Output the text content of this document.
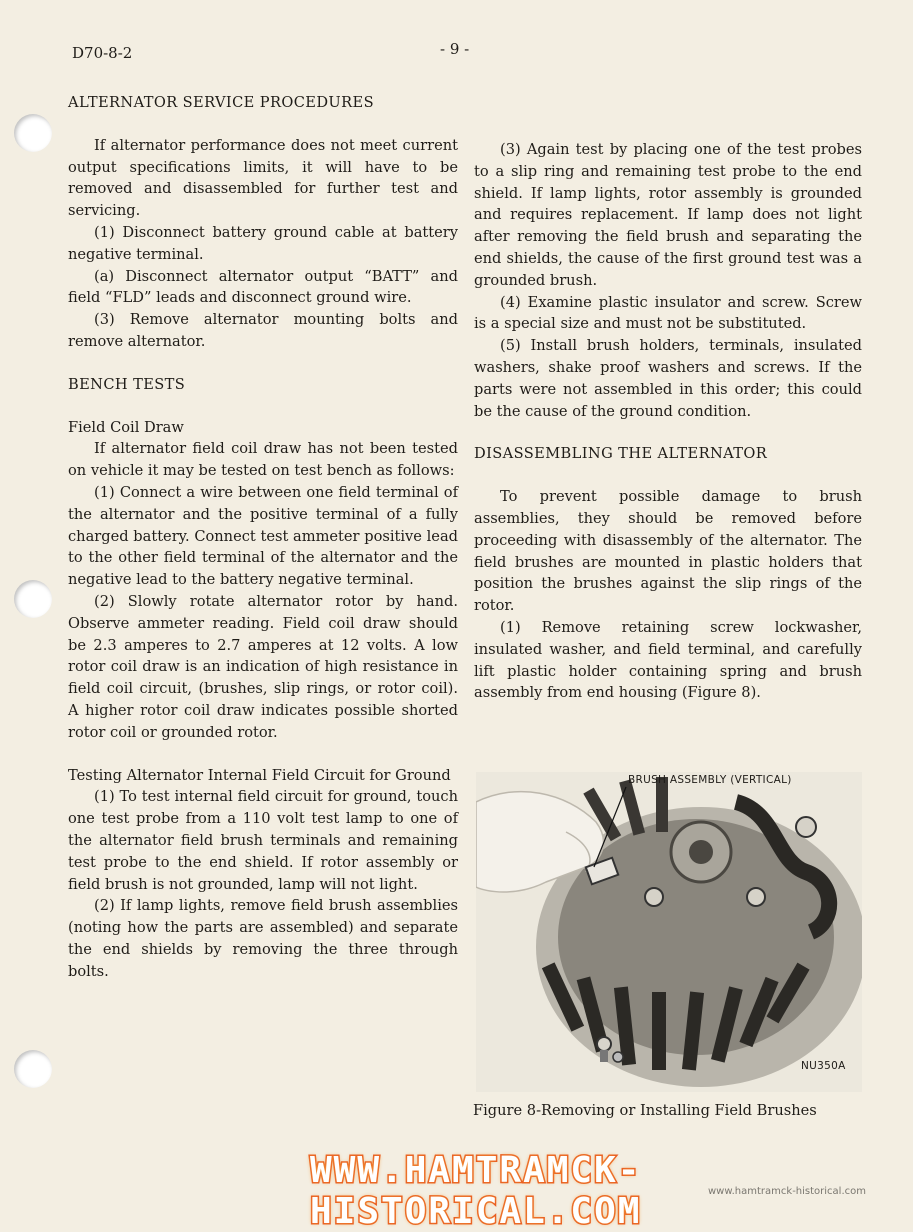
D70-8-2	- 9 -

ALTERNATOR SERVICE PROCEDURES

If alternator performance does not meet current output specifications limits, it will have to be removed and disassembled for further test and servicing.

(1) Disconnect battery ground cable at battery negative terminal.

(a) Disconnect alternator output “BATT” and field “FLD” leads and disconnect ground wire.

(3) Remove alternator mounting bolts and remove alternator.

BENCH TESTS

Field Coil Draw

If alternator field coil draw has not been tested on vehicle it may be tested on test bench as follows:

(1) Connect a wire between one field terminal of the alternator and the positive terminal of a fully charged battery. Connect test ammeter positive lead to the other field terminal of the alternator and the negative lead to the battery negative terminal.

(2) Slowly rotate alternator rotor by hand. Observe ammeter reading. Field coil draw should be 2.3 amperes to 2.7 amperes at 12 volts. A low rotor coil draw is an indication of high resistance in field coil circuit, (brushes, slip rings, or rotor coil). A higher rotor coil draw indicates possible shorted rotor coil or grounded rotor.

Testing Alternator Internal Field Circuit for Ground

(1) To test internal field circuit for ground, touch one test probe from a 110 volt test lamp to one of the alternator field brush terminals and remaining test probe to the end shield. If rotor assembly or field brush is not grounded, lamp will not light.

(2) If lamp lights, remove field brush assemblies (noting how the parts are assembled) and separate the end shields by removing the three through bolts.

(3) Again test by placing one of the test probes to a slip ring and remaining test probe to the end shield. If lamp lights, rotor assembly is grounded and requires replacement. If lamp does not light after removing the field brush and separating the end shields, the cause of the first ground test was a grounded brush.

(4) Examine plastic insulator and screw. Screw is a special size and must not be substituted.

(5) Install brush holders, terminals, insulated washers, shake proof washers and screws. If the parts were not assembled in this order; this could be the cause of the ground condition.

DISASSEMBLING THE ALTERNATOR

To prevent possible damage to brush assemblies, they should be removed before proceeding with disassembly of the alternator. The field brushes are mounted in plastic holders that position the brushes against the slip rings of the rotor.

(1) Remove retaining screw lockwasher, insulated washer, and field terminal, and carefully lift plastic holder containing spring and brush assembly from end housing (Figure 8).

BRUSH ASSEMBLY (VERTICAL)
NU350A
Figure 8-Removing or Installing Field Brushes
WWW.HAMTRAMCK-HISTORICAL.COM	www.hamtramck-historical.com
